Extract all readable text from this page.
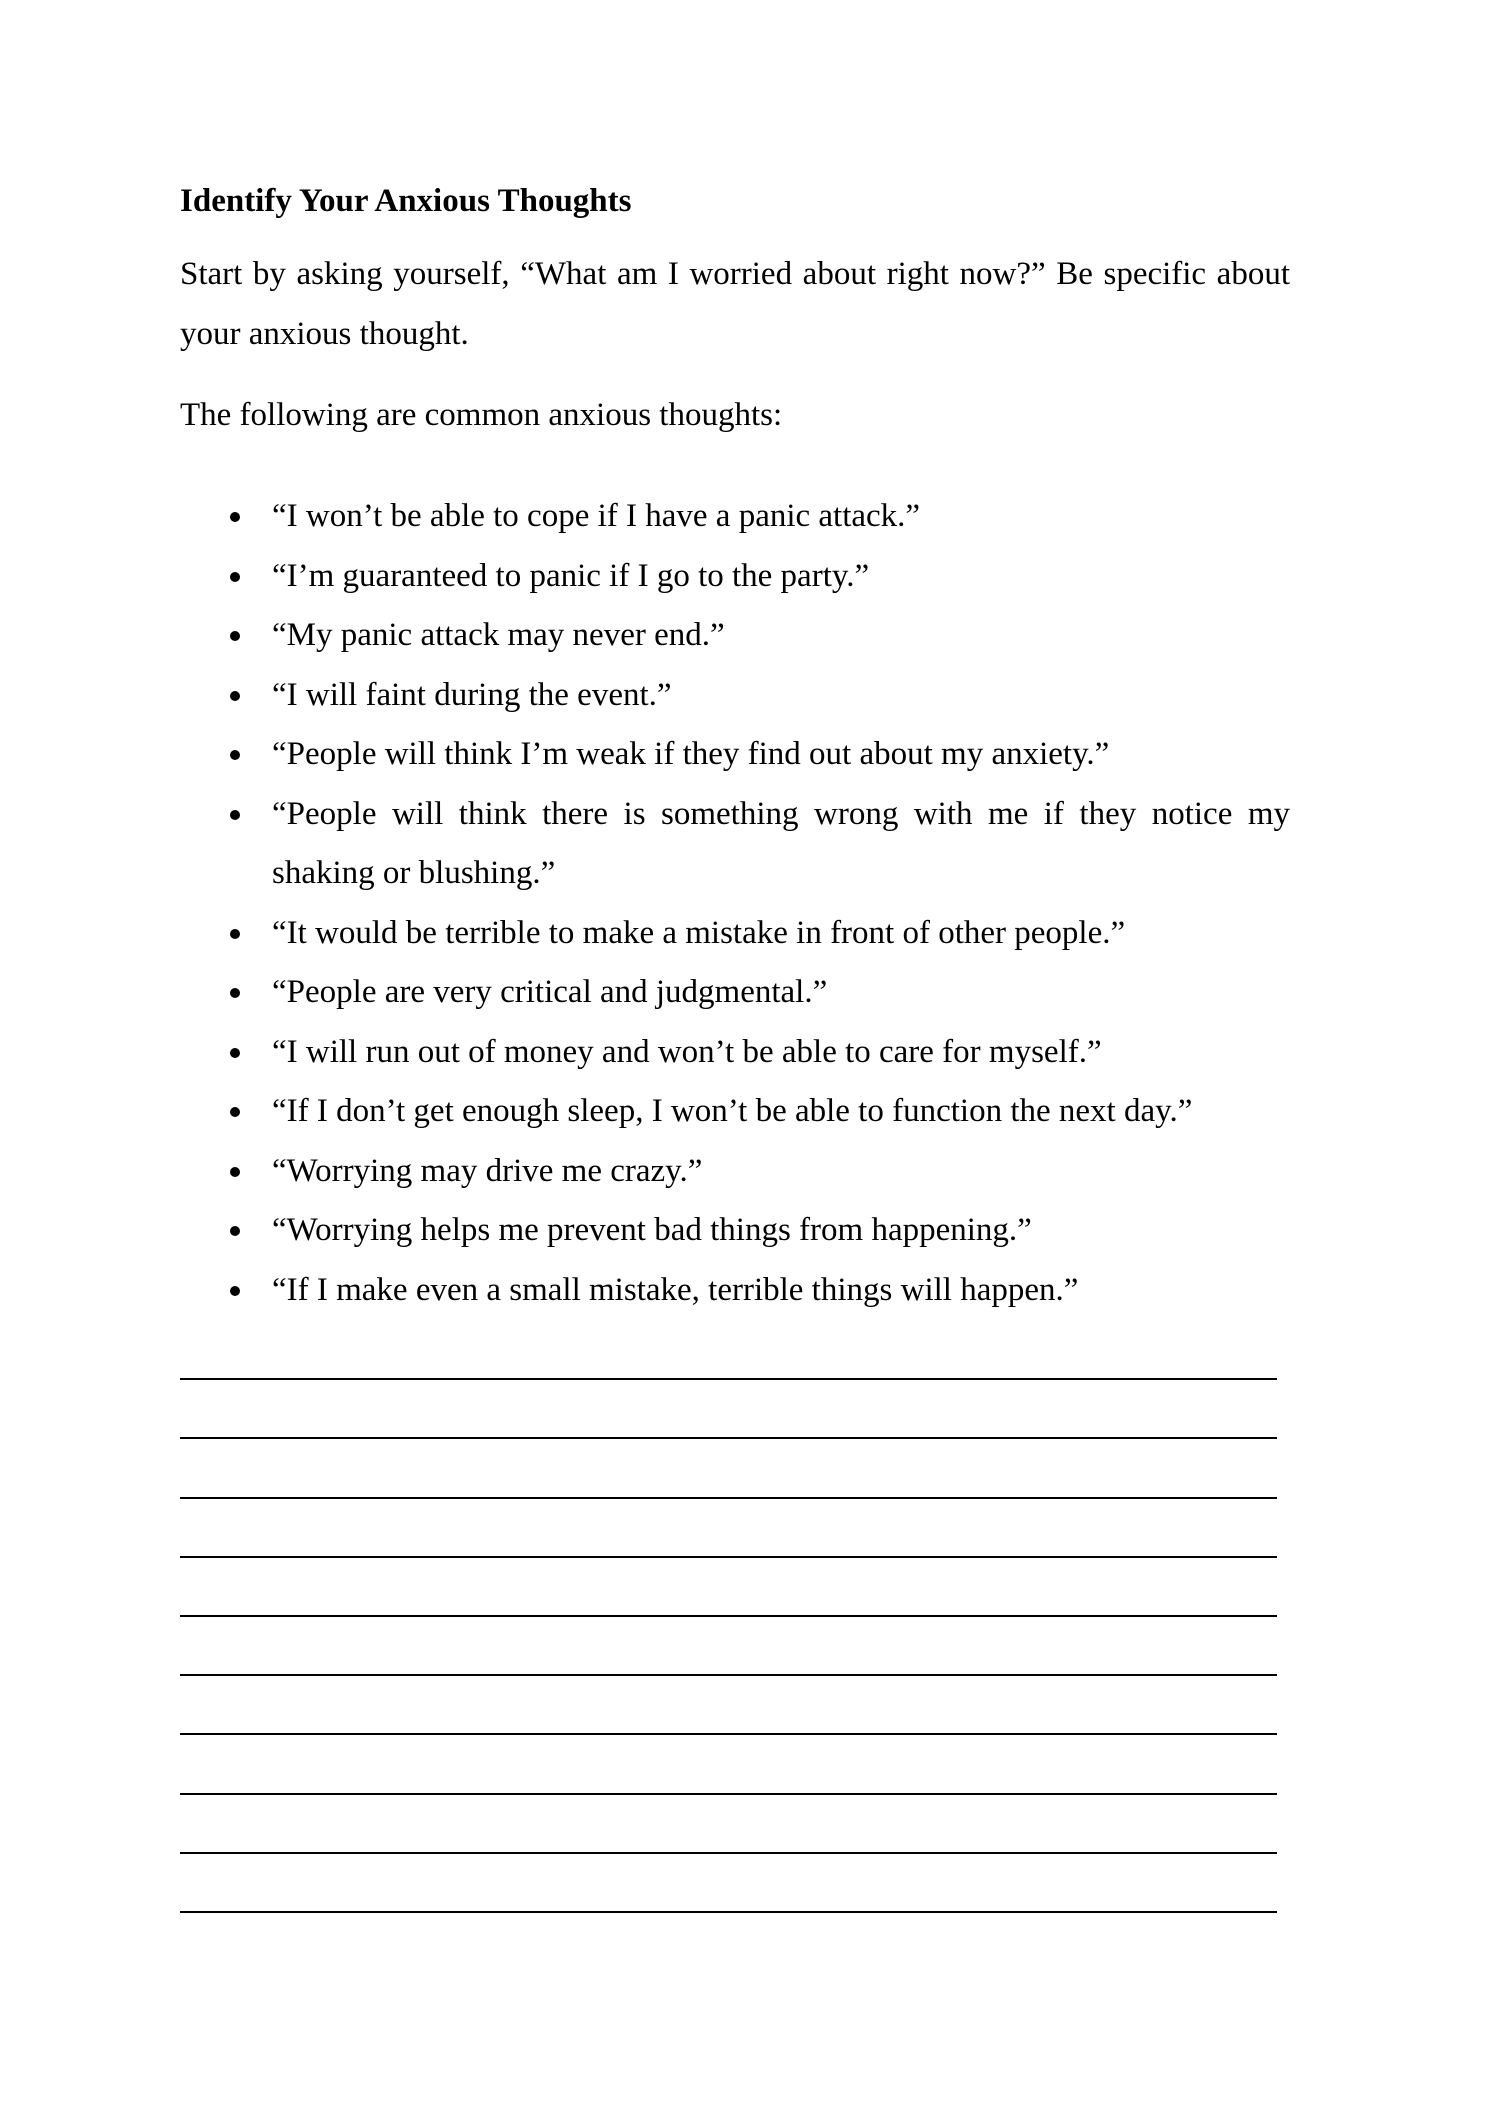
Identify Your Anxious Thoughts

Start by asking yourself, “What am I worried about right now?” Be specific about your anxious thought.

The following are common anxious thoughts:

“I won’t be able to cope if I have a panic attack.”
“I’m guaranteed to panic if I go to the party.”
“My panic attack may never end.”
“I will faint during the event.”
“People will think I’m weak if they find out about my anxiety.”
“People will think there is something wrong with me if they notice my shaking or blushing.”
“It would be terrible to make a mistake in front of other people.”
“People are very critical and judgmental.”
“I will run out of money and won’t be able to care for myself.”
“If I don’t get enough sleep, I won’t be able to function the next day.”
“Worrying may drive me crazy.”
“Worrying helps me prevent bad things from happening.”
“If I make even a small mistake, terrible things will happen.”
